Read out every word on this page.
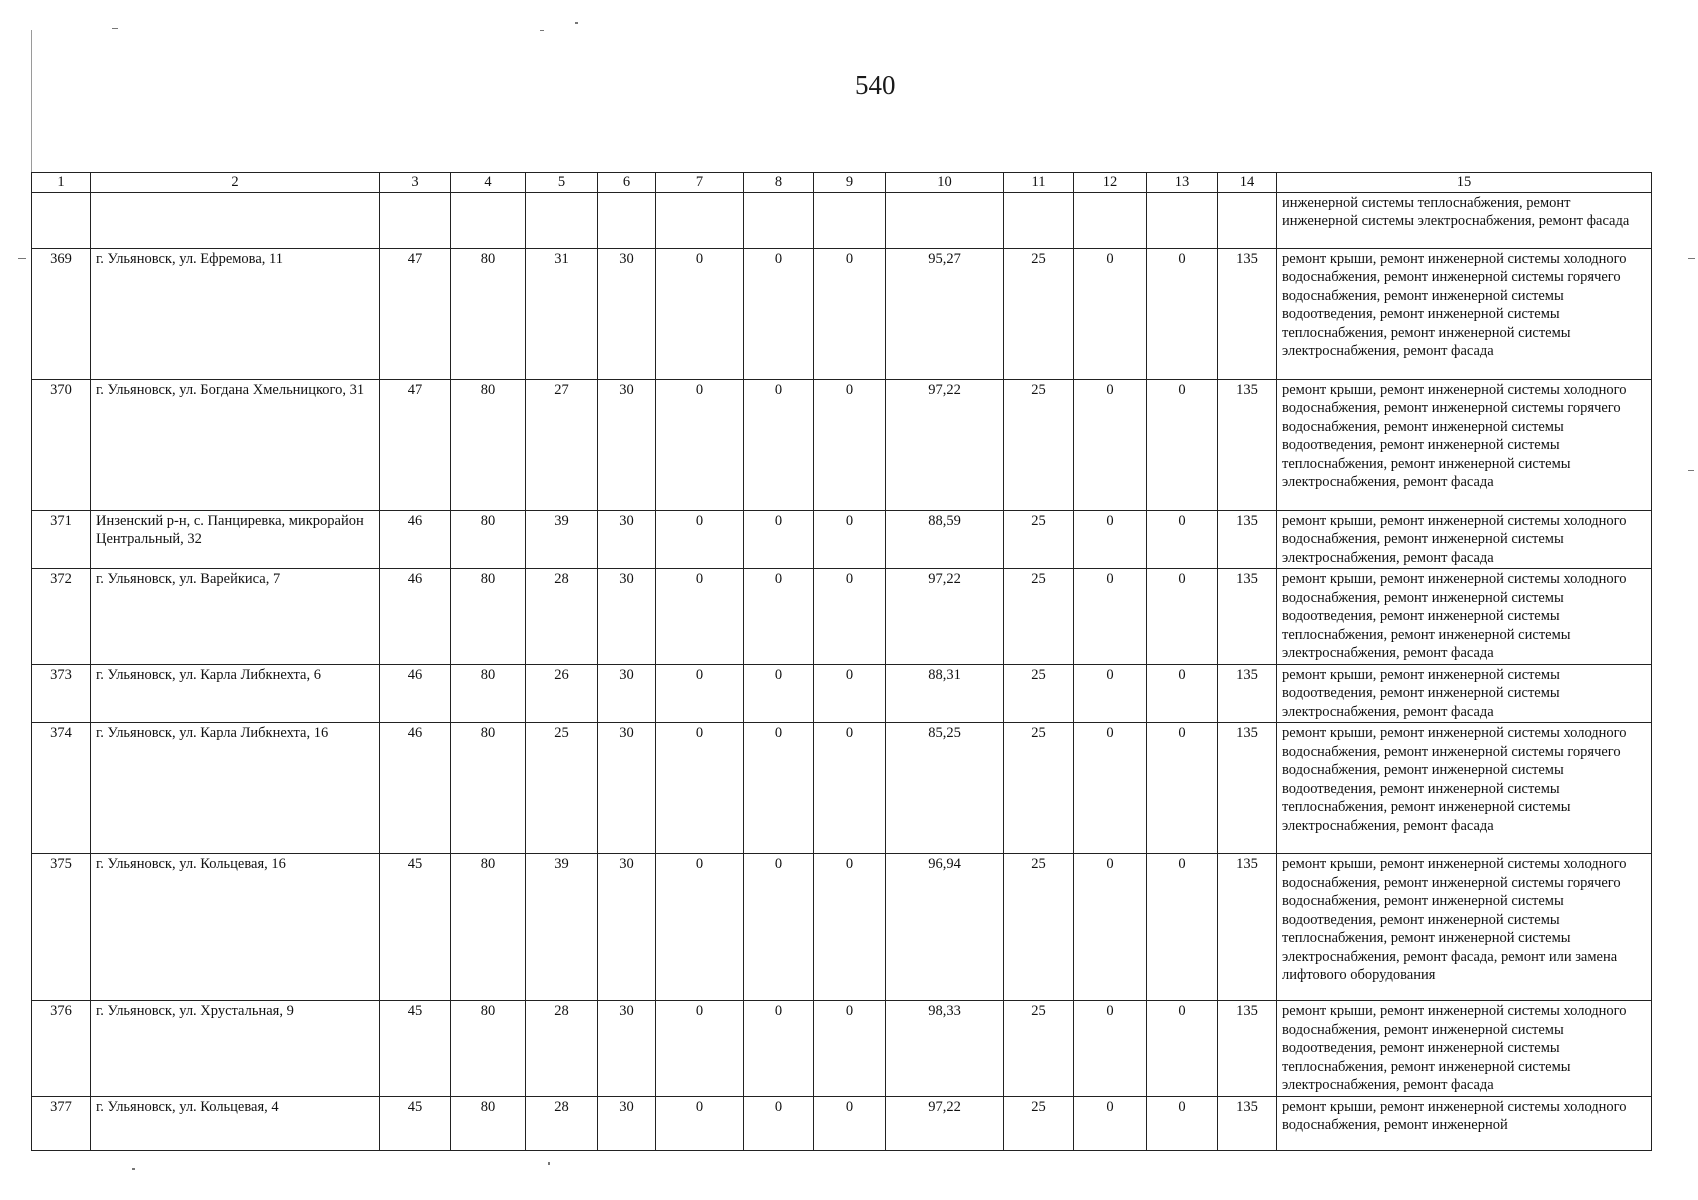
540
1	2	3	4	5	6	7	8	9	10	11	12	13	14	15
														инженерной системы теплоснабжения, ремонт инженерной системы электроснабжения, ремонт фасада
369	г. Ульяновск, ул. Ефремова, 11	47	80	31	30	0	0	0	95,27	25	0	0	135	ремонт крыши, ремонт инженерной системы холодного водоснабжения, ремонт инженерной системы горячего водоснабжения, ремонт инженерной системы водоотведения, ремонт инженерной системы теплоснабжения, ремонт инженерной системы электроснабжения, ремонт фасада
370	г. Ульяновск, ул. Богдана Хмельницкого, 31	47	80	27	30	0	0	0	97,22	25	0	0	135	ремонт крыши, ремонт инженерной системы холодного водоснабжения, ремонт инженерной системы горячего водоснабжения, ремонт инженерной системы водоотведения, ремонт инженерной системы теплоснабжения, ремонт инженерной системы электроснабжения, ремонт фасада
371	Инзенский р-н, с. Панциревка, микрорайон Центральный, 32	46	80	39	30	0	0	0	88,59	25	0	0	135	ремонт крыши, ремонт инженерной системы холодного водоснабжения, ремонт инженерной системы электроснабжения, ремонт фасада
372	г. Ульяновск, ул. Варейкиса, 7	46	80	28	30	0	0	0	97,22	25	0	0	135	ремонт крыши, ремонт инженерной системы холодного водоснабжения, ремонт инженерной системы водоотведения, ремонт инженерной системы теплоснабжения, ремонт инженерной системы электроснабжения, ремонт фасада
373	г. Ульяновск, ул. Карла Либкнехта, 6	46	80	26	30	0	0	0	88,31	25	0	0	135	ремонт крыши, ремонт инженерной системы водоотведения, ремонт инженерной системы электроснабжения, ремонт фасада
374	г. Ульяновск, ул. Карла Либкнехта, 16	46	80	25	30	0	0	0	85,25	25	0	0	135	ремонт крыши, ремонт инженерной системы холодного водоснабжения, ремонт инженерной системы горячего водоснабжения, ремонт инженерной системы водоотведения, ремонт инженерной системы теплоснабжения, ремонт инженерной системы электроснабжения, ремонт фасада
375	г. Ульяновск, ул. Кольцевая, 16	45	80	39	30	0	0	0	96,94	25	0	0	135	ремонт крыши, ремонт инженерной системы холодного водоснабжения, ремонт инженерной системы горячего водоснабжения, ремонт инженерной системы водоотведения, ремонт инженерной системы теплоснабжения, ремонт инженерной системы электроснабжения, ремонт фасада, ремонт или замена лифтового оборудования
376	г. Ульяновск, ул. Хрустальная, 9	45	80	28	30	0	0	0	98,33	25	0	0	135	ремонт крыши, ремонт инженерной системы холодного водоснабжения, ремонт инженерной системы водоотведения, ремонт инженерной системы теплоснабжения, ремонт инженерной системы электроснабжения, ремонт фасада
377	г. Ульяновск, ул. Кольцевая, 4	45	80	28	30	0	0	0	97,22	25	0	0	135	ремонт крыши, ремонт инженерной системы холодного водоснабжения, ремонт инженерной
